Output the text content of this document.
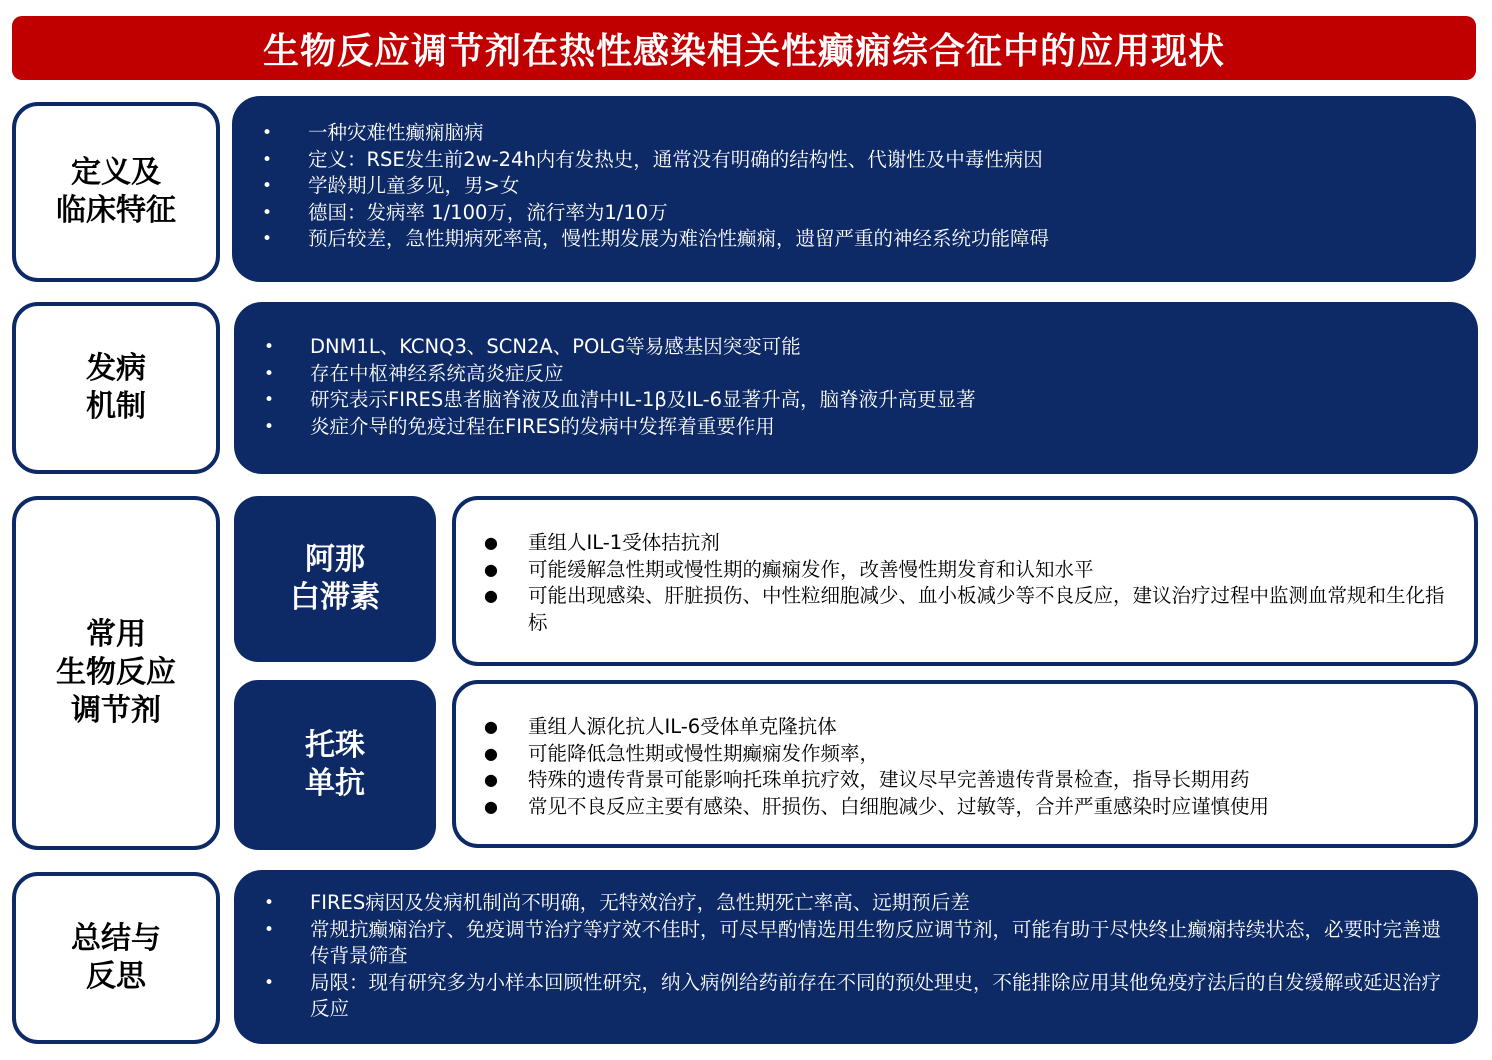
生物反应调节剂在热性感染相关性癫痫综合征中的应用现状
定义及
临床特征
• 一种灾难性癫痫脑病
• 定义：RSE发生前2w-24h内有发热史，通常没有明确的结构性、代谢性及中毒性病因
• 学龄期儿童多见，男>女
• 德国：发病率 1/100万，流行率为1/10万
• 预后较差，急性期病死率高，慢性期发展为难治性癫痫，遗留严重的神经系统功能障碍
发病
机制
• DNM1L、KCNQ3、SCN2A、POLG等易感基因突变可能
• 存在中枢神经系统高炎症反应
• 研究表示FIRES患者脑脊液及血清中IL-1β及IL-6显著升高，脑脊液升高更显著
• 炎症介导的免疫过程在FIRES的发病中发挥着重要作用
常用
生物反应
调节剂
阿那
白滞素
● 重组人IL-1受体拮抗剂
● 可能缓解急性期或慢性期的癫痫发作，改善慢性期发育和认知水平
● 可能出现感染、肝脏损伤、中性粒细胞减少、血小板减少等不良反应，建议治疗过程中监测血常规和生化指标
托珠
单抗
● 重组人源化抗人IL-6受体单克隆抗体
● 可能降低急性期或慢性期癫痫发作频率，
● 特殊的遗传背景可能影响托珠单抗疗效，建议尽早完善遗传背景检查，指导长期用药
● 常见不良反应主要有感染、肝损伤、白细胞减少、过敏等，合并严重感染时应谨慎使用
总结与
反思
• FIRES病因及发病机制尚不明确，无特效治疗，急性期死亡率高、远期预后差
• 常规抗癫痫治疗、免疫调节治疗等疗效不佳时，可尽早酌情选用生物反应调节剂，可能有助于尽快终止癫痫持续状态，必要时完善遗传背景筛查
• 局限：现有研究多为小样本回顾性研究，纳入病例给药前存在不同的预处理史，不能排除应用其他免疫疗法后的自发缓解或延迟治疗反应
